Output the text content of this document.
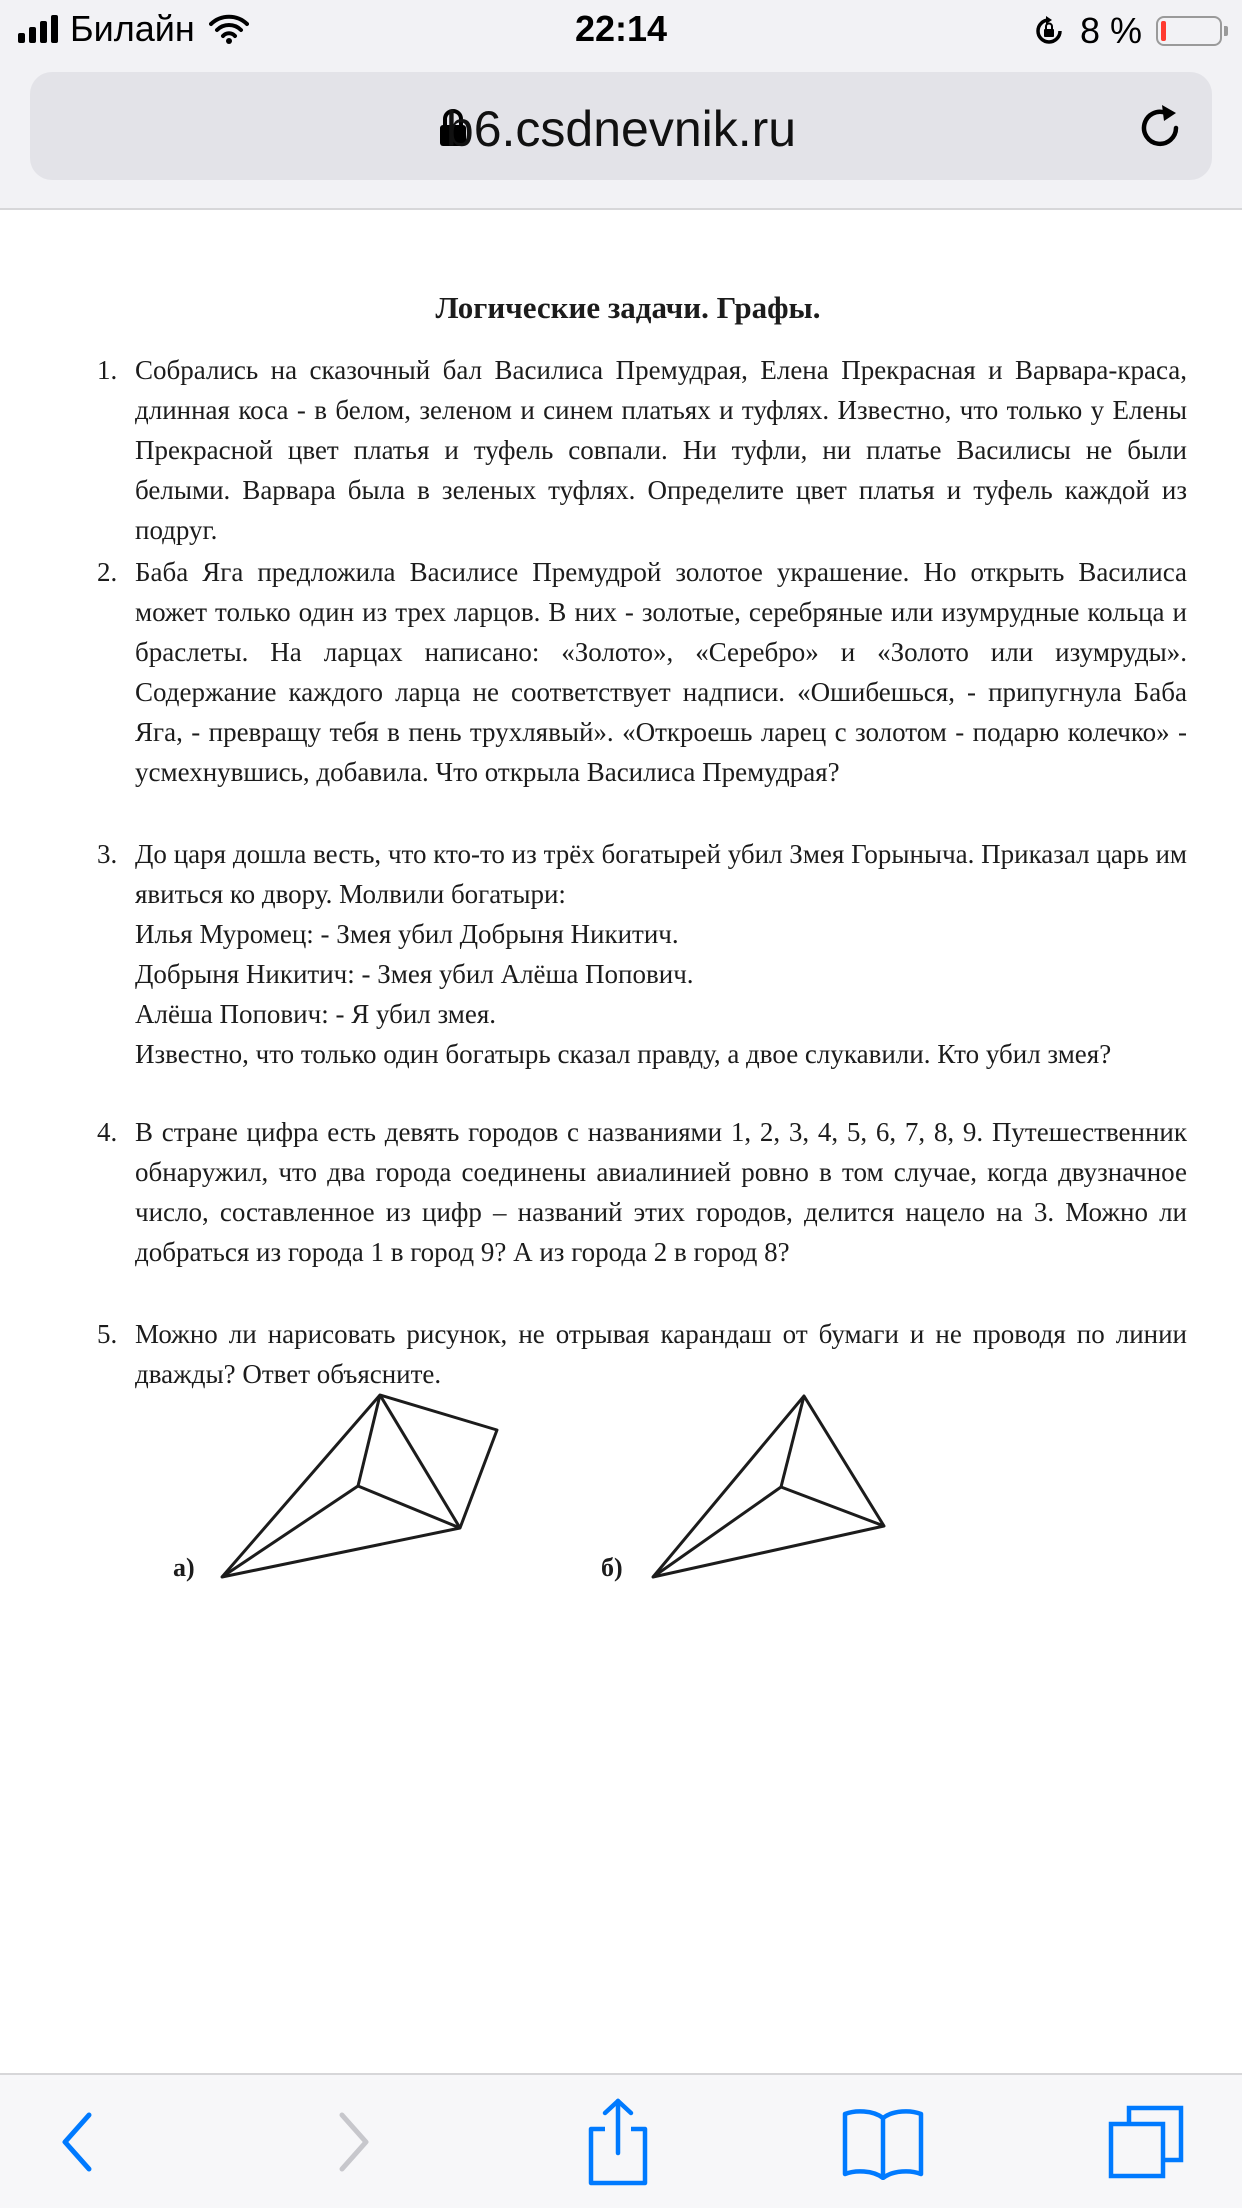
Билайн	22:14	8 %
b6.csdnevnik.ru
Логические задачи. Графы.
1. Собрались на сказочный бал Василиса Премудрая, Елена Прекрасная и Варвара-краса, длинная коса - в белом, зеленом и синем платьях и туфлях. Известно, что только у Елены Прекрасной цвет платья и туфель совпали. Ни туфли, ни платье Василисы не были белыми. Варвара была в зеленых туфлях. Определите цвет платья и туфель каждой из подруг.

2. Баба Яга предложила Василисе Премудрой золотое украшение. Но открыть Василиса может только один из трех ларцов. В них - золотые, серебряные или изумрудные кольца и браслеты. На ларцах написано: «Золото», «Серебро» и «Золото или изумруды». Содержание каждого ларца не соответствует надписи. «Ошибешься, - припугнула Баба Яга, - превращу тебя в пень трухлявый». «Откроешь ларец с золотом - подарю колечко» - усмехнувшись, добавила. Что открыла Василиса Премудрая?

3. До царя дошла весть, что кто-то из трёх богатырей убил Змея Горыныча. Приказал царь им явиться ко двору. Молвили богатыри:

Илья Муромец: - Змея убил Добрыня Никитич.

Добрыня Никитич: - Змея убил Алёша Попович.

Алёша Попович: - Я убил змея.

Известно, что только один богатырь сказал правду, а двое слукавили. Кто убил змея?

4. В стране цифра есть девять городов с названиями 1, 2, 3, 4, 5, 6, 7, 8, 9. Путешественник обнаружил, что два города соединены авиалинией ровно в том случае, когда двузначное число, составленное из цифр – названий этих городов, делится нацело на 3. Можно ли добраться из города 1 в город 9? А из города 2 в город 8?

5. Можно ли нарисовать рисунок, не отрывая карандаш от бумаги и не проводя по линии дважды? Ответ объясните.

а)	б)
